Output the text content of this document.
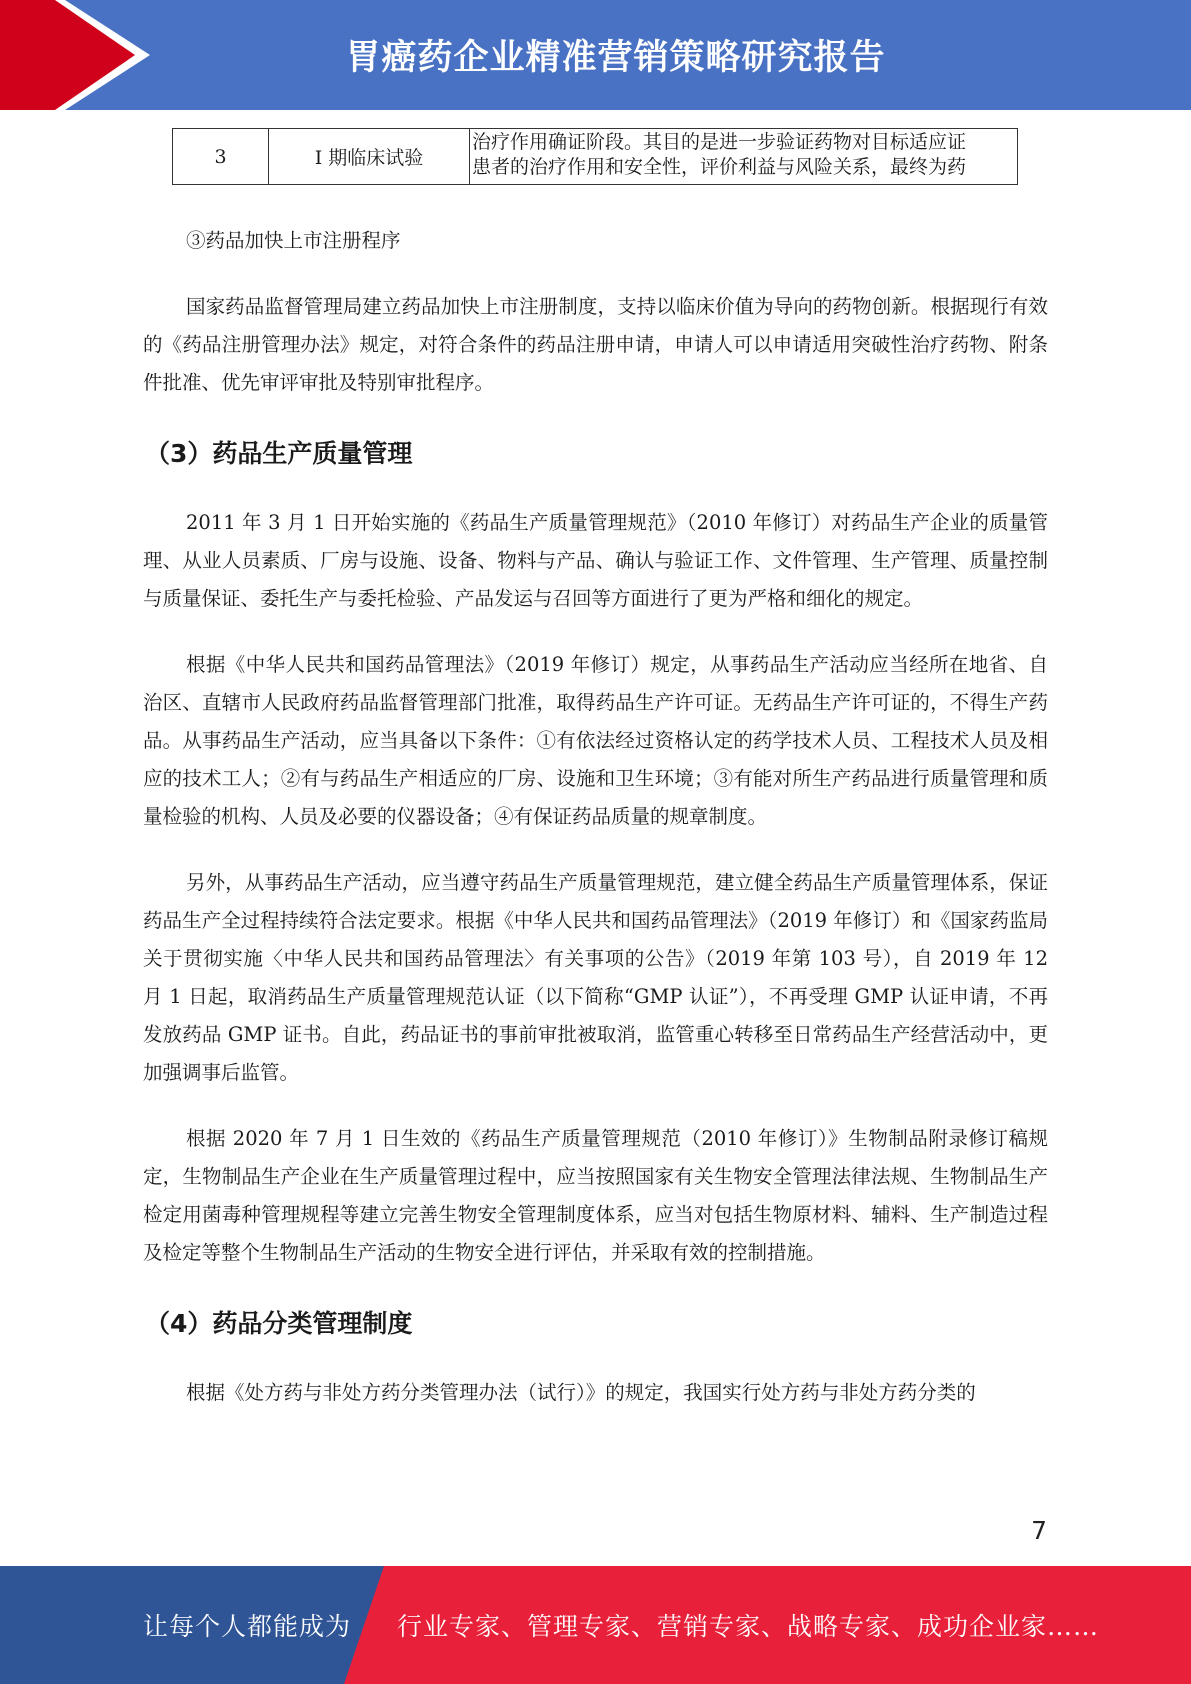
胃癌药企业精准营销策略研究报告
3	I 期临床试验	
治疗作用确证阶段。其目的是进一步验证药物对目标适应证
患者的治疗作用和安全性，评价利益与风险关系，最终为药

③药品加快上市注册程序

国家药品监督管理局建立药品加快上市注册制度，支持以临床价值为导向的药物创新。根据现行有效的《药品注册管理办法》规定，对符合条件的药品注册申请，申请人可以申请适用突破性治疗药物、附条件批准、优先审评审批及特别审批程序。

（3）药品生产质量管理

2011 年 3 月 1 日开始实施的《药品生产质量管理规范》（2010 年修订）对药品生产企业的质量管理、从业人员素质、厂房与设施、设备、物料与产品、确认与验证工作、文件管理、生产管理、质量控制与质量保证、委托生产与委托检验、产品发运与召回等方面进行了更为严格和细化的规定。

根据《中华人民共和国药品管理法》（2019 年修订）规定，从事药品生产活动应当经所在地省、自治区、直辖市人民政府药品监督管理部门批准，取得药品生产许可证。无药品生产许可证的，不得生产药品。从事药品生产活动，应当具备以下条件：①有依法经过资格认定的药学技术人员、工程技术人员及相应的技术工人；②有与药品生产相适应的厂房、设施和卫生环境；③有能对所生产药品进行质量管理和质量检验的机构、人员及必要的仪器设备；④有保证药品质量的规章制度。

另外，从事药品生产活动，应当遵守药品生产质量管理规范，建立健全药品生产质量管理体系，保证药品生产全过程持续符合法定要求。根据《中华人民共和国药品管理法》（2019 年修订）和《国家药监局关于贯彻实施〈中华人民共和国药品管理法〉有关事项的公告》（2019 年第 103 号），自 2019 年 12 月 1 日起，取消药品生产质量管理规范认证（以下简称“GMP 认证”），不再受理 GMP 认证申请，不再发放药品 GMP 证书。自此，药品证书的事前审批被取消，监管重心转移至日常药品生产经营活动中，更加强调事后监管。

根据 2020 年 7 月 1 日生效的《药品生产质量管理规范（2010 年修订）》生物制品附录修订稿规定，生物制品生产企业在生产质量管理过程中，应当按照国家有关生物安全管理法律法规、生物制品生产检定用菌毒种管理规程等建立完善生物安全管理制度体系，应当对包括生物原材料、辅料、生产制造过程及检定等整个生物制品生产活动的生物安全进行评估，并采取有效的控制措施。

（4）药品分类管理制度

根据《处方药与非处方药分类管理办法（试行）》的规定，我国实行处方药与非处方药分类的

7
让每个人都能成为 行业专家、管理专家、营销专家、战略专家、成功企业家……
